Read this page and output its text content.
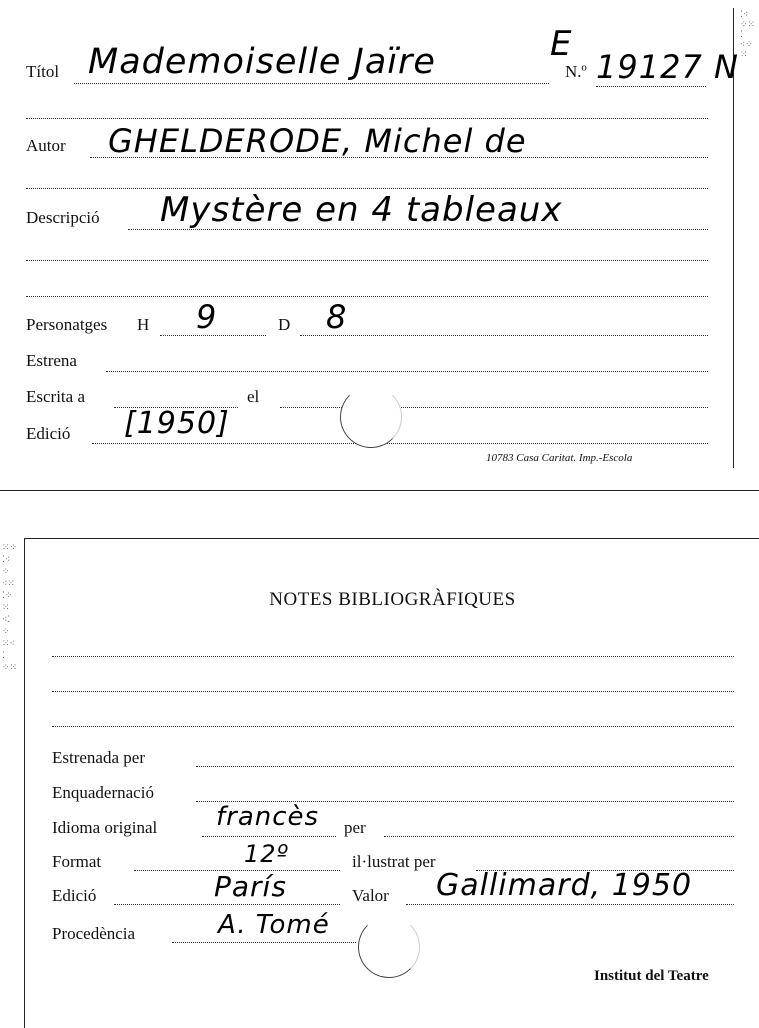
⁚⁖
⁘⁙
⁚
⁖⁘
⁙
Títol Mademoiselle Jaïre	E
N.º 19127 N
Autor GHELDERODE, Michel de
Descripció Mystère en 4 tableaux
Personatges H 9	D 8
Estrena
Escrita a	el
Edició [1950]
10783 Casa Caritat. Imp.-Escola
⁙⁘
⁚⁖
⁘
⁖⁙
⁚⁘
⁙
⁖⁚
⁘
⁙⁖
⁚
⁘⁙
NOTES BIBLIOGRÀFIQUES
Estrenada per
Enquadernació
Idioma original francès per
Format	12º	il·lustrat per
Edició	París	Valor Gallimard, 1950
Procedència	A. Tomé
Institut del Teatre
